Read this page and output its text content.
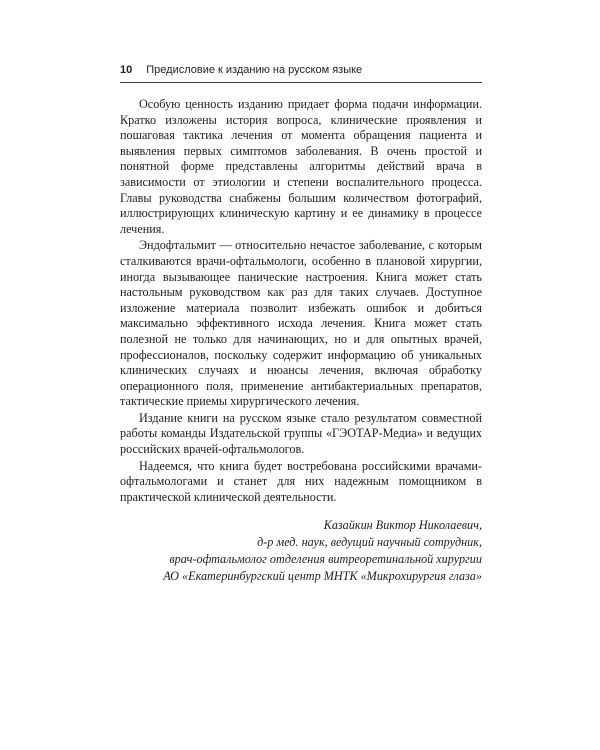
10 Предисловие к изданию на русском языке

Особую ценность изданию придает форма подачи информации. Кратко изложены история вопроса, клинические проявления и пошаговая тактика лечения от момента обращения пациента и выявления первых симптомов заболевания. В очень простой и понятной форме представлены алгоритмы действий врача в зависимости от этиологии и степени воспалительного процесса. Главы руководства снабжены большим количеством фотографий, иллюстрирующих клиническую картину и ее динамику в процессе лечения.

Эндофтальмит — относительно нечастое заболевание, с которым сталкиваются врачи-офтальмологи, особенно в плановой хирургии, иногда вызывающее панические настроения. Книга может стать настольным руководством как раз для таких случаев. Доступное изложение материала позволит избежать ошибок и добиться максимально эффективного исхода лечения. Книга может стать полезной не только для начинающих, но и для опытных врачей, профессионалов, поскольку содержит информацию об уникальных клинических случаях и нюансы лечения, включая обработку операционного поля, применение антибактериальных препаратов, тактические приемы хирургического лечения.

Издание книги на русском языке стало результатом совместной работы команды Издательской группы «ГЭОТАР-Медиа» и ведущих российских врачей-офтальмологов.

Надеемся, что книга будет востребована российскими врачами-офтальмологами и станет для них надежным помощником в практической клинической деятельности.

Казайкин Виктор Николаевич,
д-р мед. наук, ведущий научный сотрудник,
врач-офтальмолог отделения витреоретинальной хирургии
АО «Екатеринбургский центр МНТК «Микрохирургия глаза»
